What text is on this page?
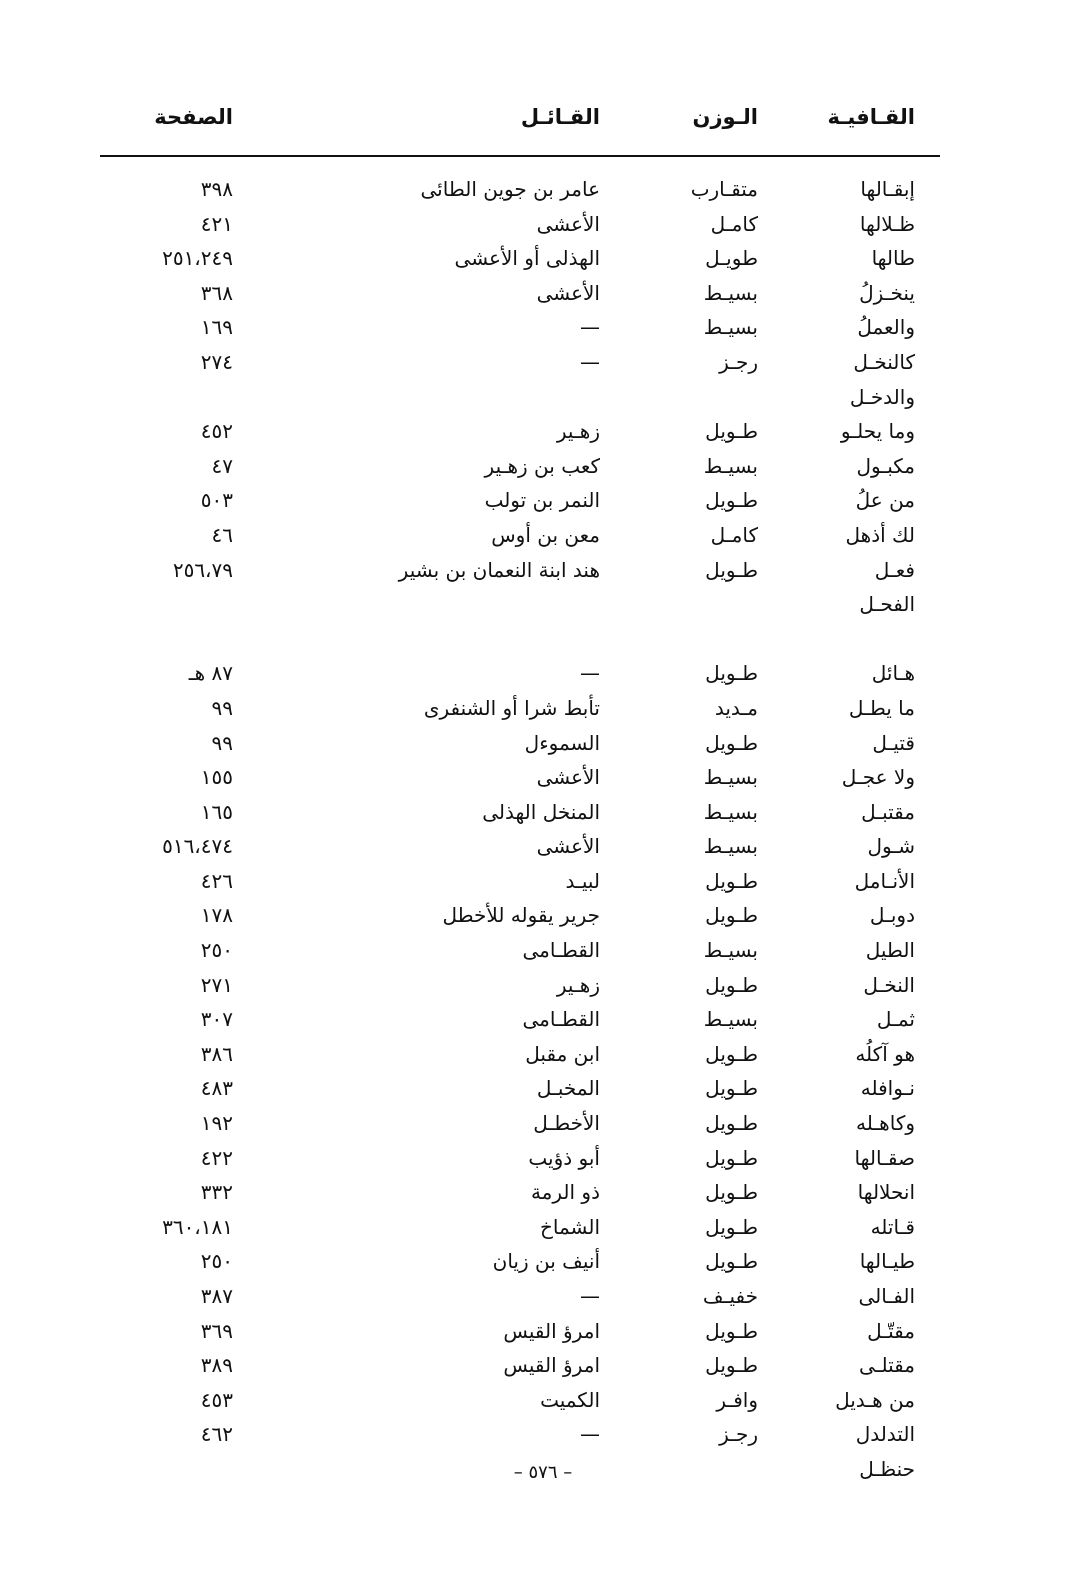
القـافيـة
الـوزن
القـائـل
الصفحة
إبقـالها
متقـارب
عامر بن جوين الطائى
٣٩٨
ظـلالها
كامـل
الأعشى
٤٢١
طالها
طويـل
الهذلى أو الأعشى
٢٥١،٢٤٩
ينخـزلُ
بسيـط
الأعشى
٣٦٨
والعملُ
بسيـط
—
١٦٩
كالنخـل
رجـز
—
٢٧٤
والدخـل
وما يحلـو
طـويل
زهـير
٤٥٢
مكبـول
بسيـط
كعب بن زهـير
٤٧
من علُ
طـويل
النمر بن تولب
٥٠٣
لك أذهل
كامـل
معن بن أوس
٤٦
فعـل
طـويل
هند ابنة النعمان بن بشير
٢٥٦،٧٩
الفحـل
هـائل
طـويل
—
٨٧ هـ
ما يطـل
مـديد
تأبط شرا أو الشنفرى
٩٩
قتيـل
طـويل
السموءل
٩٩
ولا عجـل
بسيـط
الأعشى
١٥٥
مقتبـل
بسيـط
المنخل الهذلى
١٦٥
شـول
بسيـط
الأعشى
٥١٦،٤٧٤
الأنـامل
طـويل
لبيـد
٤٢٦
دوبـل
طـويل
جرير يقوله للأخطل
١٧٨
الطيل
بسيـط
القطـامى
٢٥٠
النخـل
طـويل
زهـير
٢٧١
ثمـل
بسيـط
القطـامى
٣٠٧
هو آكلُه
طـويل
ابن مقبل
٣٨٦
نـوافله
طـويل
المخبـل
٤٨٣
وكاهـله
طـويل
الأخطـل
١٩٢
صقـالها
طـويل
أبو ذؤيب
٤٢٢
انحلالها
طـويل
ذو الرمة
٣٣٢
قـاتله
طـويل
الشماخ
٣٦٠،١٨١
طيـالها
طـويل
أنيف بن زيان
٢٥٠
الفـالى
خفيـف
—
٣٨٧
مقتّـل
طـويل
امرؤ القيس
٣٦٩
مقتلـى
طـويل
امرؤ القيس
٣٨٩
من هـديل
وافـر
الكميت
٤٥٣
التدلدل
رجـز
—
٤٦٢
حنظـل
– ٥٧٦ –
